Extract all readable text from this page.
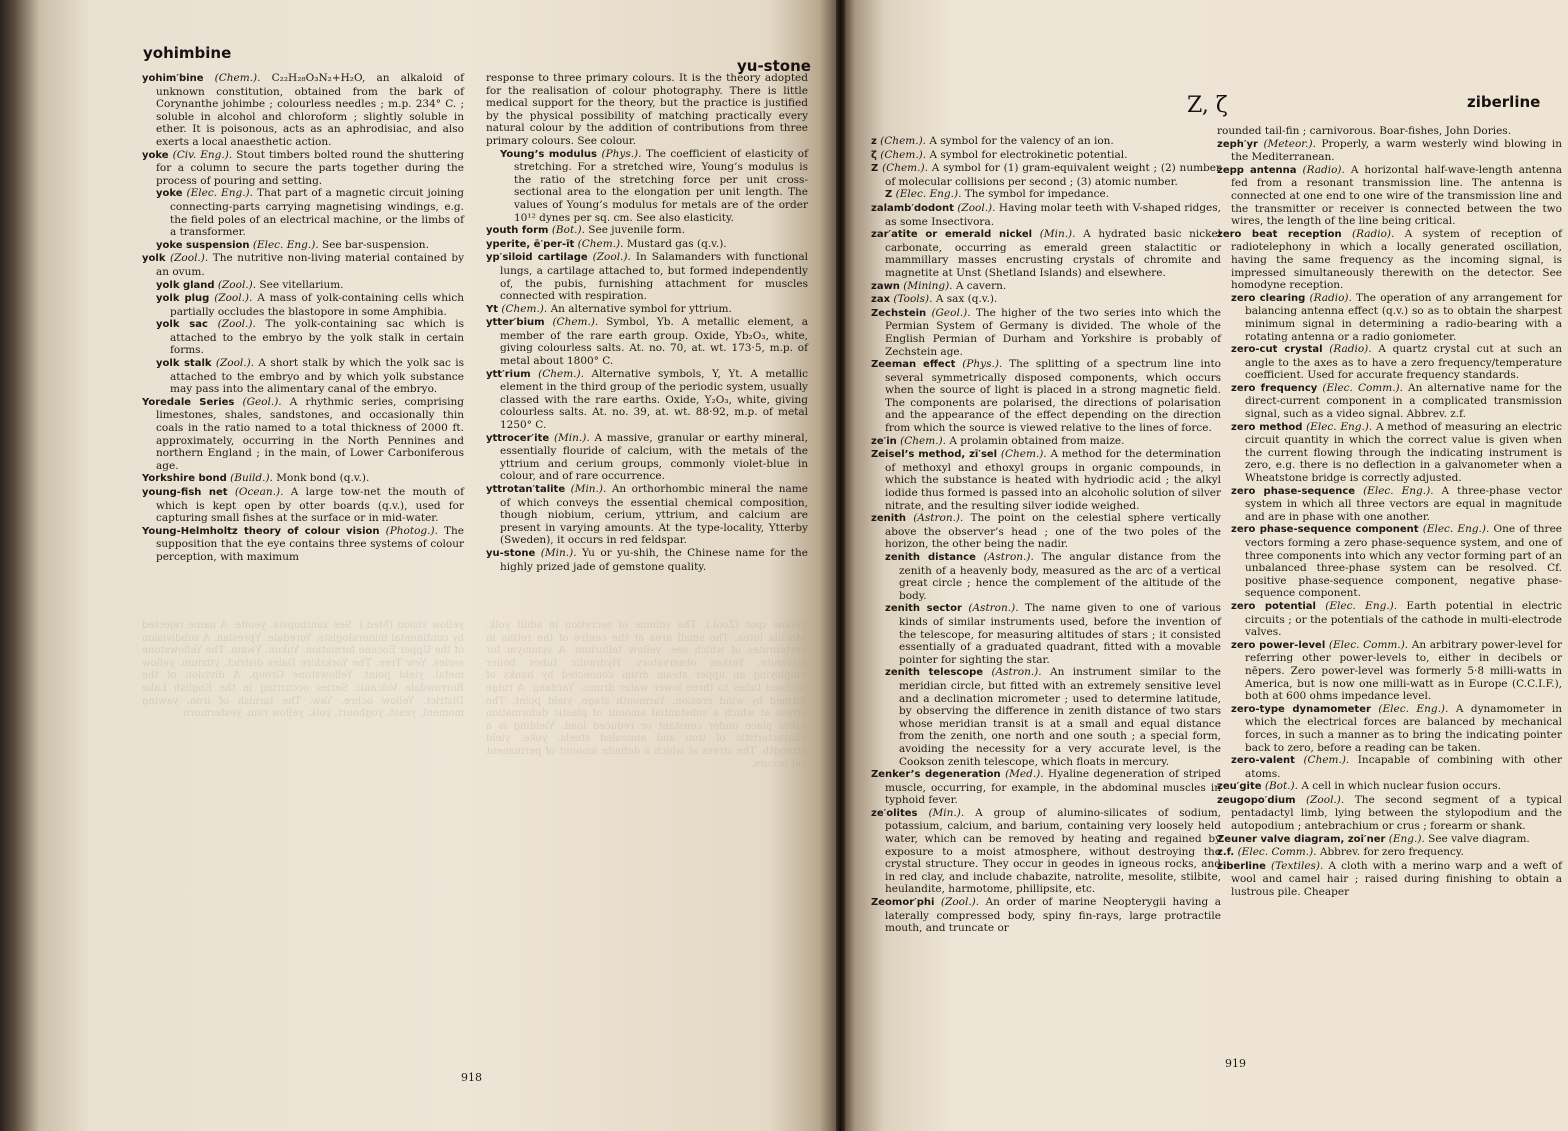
yohimbine
yu-stone

yohim′bine (Chem.). C₂₂H₂₈O₃N₂+H₂O, an alkaloid of unknown constitution, obtained from the bark of Corynanthe johimbe ; colourless needles ; m.p. 234° C. ; soluble in alcohol and chloroform ; slightly soluble in ether. It is poisonous, acts as an aphrodisiac, and also exerts a local anaesthetic action.

yoke (Civ. Eng.). Stout timbers bolted round the shuttering for a column to secure the parts together during the process of pouring and setting.

yoke (Elec. Eng.). That part of a magnetic circuit joining connecting-parts carrying magnetising windings, e.g. the field poles of an electrical machine, or the limbs of a transformer.

yoke suspension (Elec. Eng.). See bar-suspension.

yolk (Zool.). The nutritive non-living material contained by an ovum.

yolk gland (Zool.). See vitellarium.

yolk plug (Zool.). A mass of yolk-containing cells which partially occludes the blastopore in some Amphibia.

yolk sac (Zool.). The yolk-containing sac which is attached to the embryo by the yolk stalk in certain forms.

yolk stalk (Zool.). A short stalk by which the yolk sac is attached to the embryo and by which yolk substance may pass into the alimentary canal of the embryo.

Yoredale Series (Geol.). A rhythmic series, comprising limestones, shales, sandstones, and occasionally thin coals in the ratio named to a total thickness of 2000 ft. approximately, occurring in the North Pennines and northern England ; in the main, of Lower Carboniferous age.

Yorkshire bond (Build.). Monk bond (q.v.).

young-fish net (Ocean.). A large tow-net the mouth of which is kept open by otter boards (q.v.), used for capturing small fishes at the surface or in mid-water.

Young-Helmholtz theory of colour vision (Photog.). The supposition that the eye contains three systems of colour perception, with maximum

response to three primary colours. It is the theory adopted for the realisation of colour photography. There is little medical support for the theory, but the practice is justified by the physical possibility of matching practically every natural colour by the addition of contributions from three primary colours. See colour.

Young’s modulus (Phys.). The coefficient of elasticity of stretching. For a stretched wire, Young’s modulus is the ratio of the stretching force per unit cross-sectional area to the elongation per unit length. The values of Young’s modulus for metals are of the order 10¹² dynes per sq. cm. See also elasticity.

youth form (Bot.). See juvenile form.

yperite, ē′per-īt (Chem.). Mustard gas (q.v.).

yp′siloid cartilage (Zool.). In Salamanders with functional lungs, a cartilage attached to, but formed independently of, the pubis, furnishing attachment for muscles connected with respiration.

Yt (Chem.). An alternative symbol for yttrium.

ytter′bium (Chem.). Symbol, Yb. A metallic element, a member of the rare earth group. Oxide, Yb₂O₃, white, giving colourless salts. At. no. 70, at. wt. 173·5, m.p. of metal about 1800° C.

ytt′rium (Chem.). Alternative symbols, Y, Yt. A metallic element in the third group of the periodic system, usually classed with the rare earths. Oxide, Y₂O₃, white, giving colourless salts. At. no. 39, at. wt. 88·92, m.p. of metal 1250° C.

yttrocer′ite (Min.). A massive, granular or earthy mineral, essentially flouride of calcium, with the metals of the yttrium and cerium groups, commonly violet-blue in colour, and of rare occurrence.

yttrotan′talite (Min.). An orthorhombic mineral the name of which conveys the essential chemical composition, though niobium, cerium, yttrium, and calcium are present in varying amounts. At the type-locality, Ytterby (Sweden), it occurs in red feldspar.

yu-stone (Min.). Yu or yu-shih, the Chinese name for the highly prized jade of gemstone quality.

yellow spot (Zool.). The volume of secretion in adult yolk. Macula lutea. The small area at the centre of the retina in vertebrates of which see. yellow tellurium. A synonym for sylvanite. Yerkes observatory. Hydraulic tubes boiler employing an upper steam drum connected by banks of inclined tubes to three lower water drums. Yardang. A ridge formed by wind erosion. Yarmouth stage. yield point. The stress at which a substantial amount of plastic deformation takes place under constant or reduced load. Yielding is a characteristic of iron and annealed steels. yoke. yield strength. The stress at which a definite amount of permanent set occurs.
yellow vision (Med.). See xanthopsia. yeoite. A name rejected by continental mineralogists. Yoredale. Ypresian. A subdivision of the Upper Eocene formation. Yukon. Ywain. The Yellowstone series. Yew Tree. The Yorkshire Dales district. yttrium. yellow metal. yield point. Yellowstone Group. A division of the Borrowdale Volcanic Series occurring in the English Lake District. Yellow ochre. Yaw. The tarnish of iron. yawing moment. yeast. yoghourt. yolk. yellow rain. yestermorn.
918
Z, ζ	ziberline

z (Chem.). A symbol for the valency of an ion.

ζ (Chem.). A symbol for electrokinetic potential.

Z (Chem.). A symbol for (1) gram-equivalent weight ; (2) number of molecular collisions per second ; (3) atomic number.

Z (Elec. Eng.). The symbol for impedance.

zalamb′dodont (Zool.). Having molar teeth with V-shaped ridges, as some Insectivora.

zar′atite or emerald nickel (Min.). A hydrated basic nickel carbonate, occurring as emerald green stalactitic or mammillary masses encrusting crystals of chromite and magnetite at Unst (Shetland Islands) and elsewhere.

zawn (Mining). A cavern.

zax (Tools). A sax (q.v.).

Zechstein (Geol.). The higher of the two series into which the Permian System of Germany is divided. The whole of the English Permian of Durham and Yorkshire is probably of Zechstein age.

Zeeman effect (Phys.). The splitting of a spectrum line into several symmetrically disposed components, which occurs when the source of light is placed in a strong magnetic field. The components are polarised, the directions of polarisation and the appearance of the effect depending on the direction from which the source is viewed relative to the lines of force.

ze′in (Chem.). A prolamin obtained from maize.

Zeisel’s method, zī′sel (Chem.). A method for the determination of methoxyl and ethoxyl groups in organic compounds, in which the substance is heated with hydriodic acid ; the alkyl iodide thus formed is passed into an alcoholic solution of silver nitrate, and the resulting silver iodide weighed.

zenith (Astron.). The point on the celestial sphere vertically above the observer’s head ; one of the two poles of the horizon, the other being the nadir.

zenith distance (Astron.). The angular distance from the zenith of a heavenly body, measured as the arc of a vertical great circle ; hence the complement of the altitude of the body.

zenith sector (Astron.). The name given to one of various kinds of similar instruments used, before the invention of the telescope, for measuring altitudes of stars ; it consisted essentially of a graduated quadrant, fitted with a movable pointer for sighting the star.

zenith telescope (Astron.). An instrument similar to the meridian circle, but fitted with an extremely sensitive level and a declination micrometer ; used to determine latitude, by observing the difference in zenith distance of two stars whose meridian transit is at a small and equal distance from the zenith, one north and one south ; a special form, avoiding the necessity for a very accurate level, is the Cookson zenith telescope, which floats in mercury.

Zenker’s degeneration (Med.). Hyaline degeneration of striped muscle, occurring, for example, in the abdominal muscles in typhoid fever.

ze′olites (Min.). A group of alumino-silicates of sodium, potassium, calcium, and barium, containing very loosely held water, which can be removed by heating and regained by exposure to a moist atmosphere, without destroying the crystal structure. They occur in geodes in igneous rocks, and in red clay, and include chabazite, natrolite, mesolite, stilbite, heulandite, harmotome, phillipsite, etc.

Zeomor′phi (Zool.). An order of marine Neopterygii having a laterally compressed body, spiny fin-rays, large protractile mouth, and truncate or

rounded tail-fin ; carnivorous. Boar-fishes, John Dories.

zeph′yr (Meteor.). Properly, a warm westerly wind blowing in the Mediterranean.

zepp antenna (Radio). A horizontal half-wave-length antenna fed from a resonant transmission line. The antenna is connected at one end to one wire of the transmission line and the transmitter or receiver is connected between the two wires, the length of the line being critical.

zero beat reception (Radio). A system of reception of radiotelephony in which a locally generated oscillation, having the same frequency as the incoming signal, is impressed simultaneously therewith on the detector. See homodyne reception.

zero clearing (Radio). The operation of any arrangement for balancing antenna effect (q.v.) so as to obtain the sharpest minimum signal in determining a radio-bearing with a rotating antenna or a radio goniometer.

zero-cut crystal (Radio). A quartz crystal cut at such an angle to the axes as to have a zero frequency/temperature coefficient. Used for accurate frequency standards.

zero frequency (Elec. Comm.). An alternative name for the direct-current component in a complicated transmission signal, such as a video signal. Abbrev. z.f.

zero method (Elec. Eng.). A method of measuring an electric circuit quantity in which the correct value is given when the current flowing through the indicating instrument is zero, e.g. there is no deflection in a galvanometer when a Wheatstone bridge is correctly adjusted.

zero phase-sequence (Elec. Eng.). A three-phase vector system in which all three vectors are equal in magnitude and are in phase with one another.

zero phase-sequence component (Elec. Eng.). One of three vectors forming a zero phase-sequence system, and one of three components into which any vector forming part of an unbalanced three-phase system can be resolved. Cf. positive phase-sequence component, negative phase-sequence component.

zero potential (Elec. Eng.). Earth potential in electric circuits ; or the potentials of the cathode in multi-electrode valves.

zero power-level (Elec. Comm.). An arbitrary power-level for referring other power-levels to, either in decibels or nēpers. Zero power-level was formerly 5·8 milli-watts in America, but is now one milli-watt as in Europe (C.C.I.F.), both at 600 ohms impedance level.

zero-type dynamometer (Elec. Eng.). A dynamometer in which the electrical forces are balanced by mechanical forces, in such a manner as to bring the indicating pointer back to zero, before a reading can be taken.

zero-valent (Chem.). Incapable of combining with other atoms.

zeu′gite (Bot.). A cell in which nuclear fusion occurs.

zeugopo′dium (Zool.). The second segment of a typical pentadactyl limb, lying between the stylopodium and the autopodium ; antebrachium or crus ; forearm or shank.

Zeuner valve diagram, zoi′ner (Eng.). See valve diagram.

z.f. (Elec. Comm.). Abbrev. for zero frequency.

ziberline (Textiles). A cloth with a merino warp and a weft of wool and camel hair ; raised during finishing to obtain a lustrous pile. Cheaper

919
